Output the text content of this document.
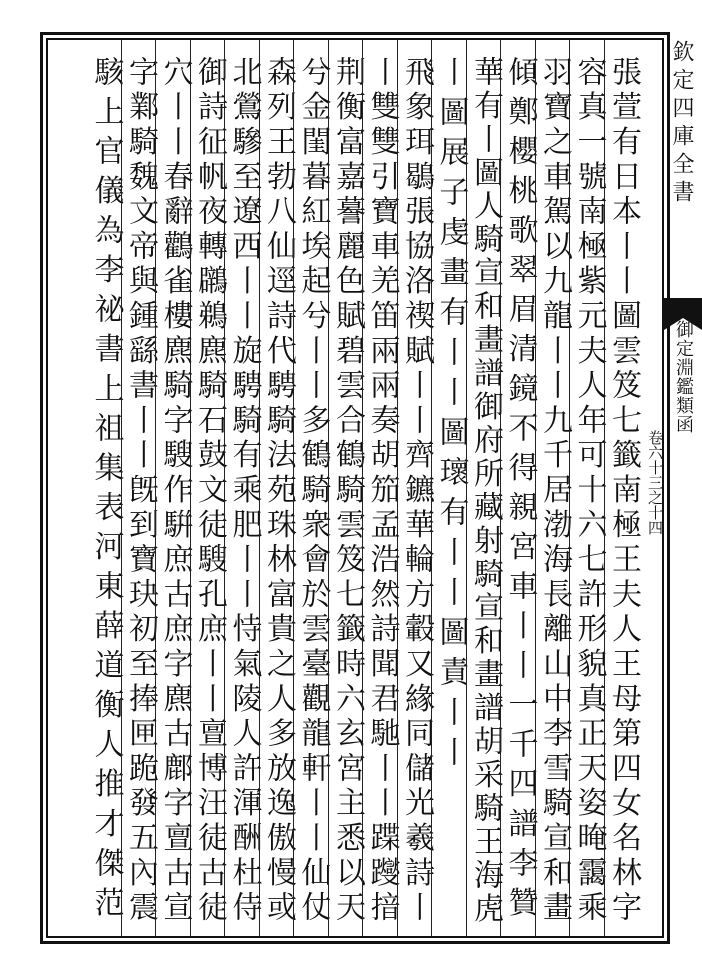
欽定四庫全書
御定淵鑑類函
卷六十三之十四
張萱有日本丨丨圖雲笈七籤南極王夫人王母第四女名林字
容真一號南極紫元夫人年可十六七許形貌真正天姿晻靄乘
羽寶之車駕以九龍丨丨九千居渤海長離山中李雪騎宣和畫
傾鄭櫻桃歌翠眉清鏡不得親宮車丨丨一千四譜李贊
華有丨圖人騎宣和畫譜御府所藏射騎宣和畫譜胡采騎王海虎
丨圖展子虔畫有丨丨圖瓌有丨丨圖責丨丨
飛象珥鶡張協洛禊賦丨丨齊鑣華輪方轂又緣同儲光羲詩丨
丨雙雙引寶車羌笛兩兩奏胡笳孟浩然詩聞君馳丨丨蹀躞揞
荆衡富嘉謩麗色賦碧雲合鶴騎雲笈七籤時六玄宮主悉以天
兮金閨暮紅埃起兮丨丨多鶴騎衆會於雲臺觀龍軒丨丨仙仗
森列王勃八仙逕詩代騁騎法苑珠林富貴之人多放逸傲慢或
北鶯驂至遼西丨丨旋騁騎有乘肥丨丨恃氣陵人許渾酬杜侍
御詩征帆夜轉鸊鵜麃騎石鼓文徒騪孔庶丨丨亶博汪徒古徒
穴丨丨春辭鸛雀樓麃騎字騪作騈庶古庶字麃古鄜字亶古宣
字鄴騎魏文帝與鍾繇書丨丨旣到寶玦初至捧匣跪發五內震
駭上官儀為李祕書上祖集表河東薛道衡人推才傑范
